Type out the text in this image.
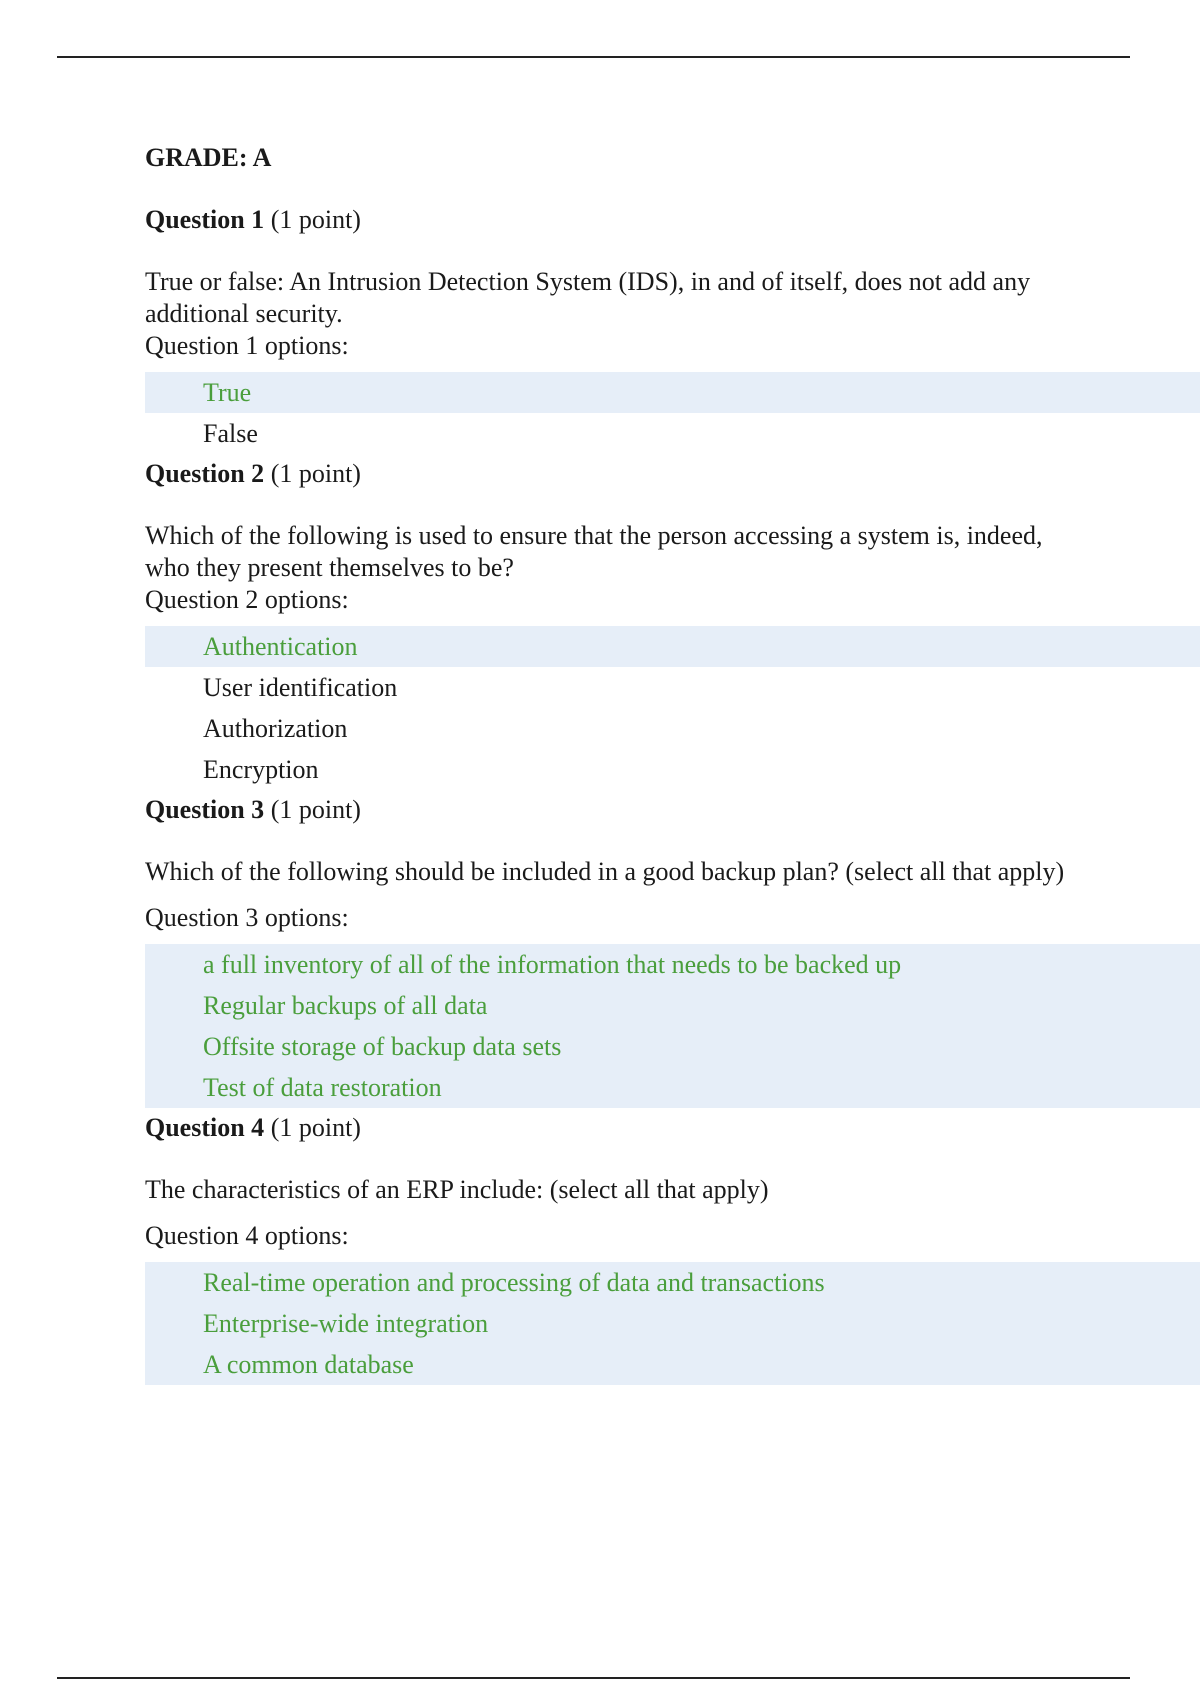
GRADE: A
Question 1 (1 point)
True or false: An Intrusion Detection System (IDS), in and of itself, does not add any additional security.
Question 1 options:
True
False
Question 2 (1 point)
Which of the following is used to ensure that the person accessing a system is, indeed, who they present themselves to be?
Question 2 options:
Authentication
User identification
Authorization
Encryption
Question 3 (1 point)
Which of the following should be included in a good backup plan? (select all that apply)
Question 3 options:
a full inventory of all of the information that needs to be backed up
Regular backups of all data
Offsite storage of backup data sets
Test of data restoration
Question 4 (1 point)
The characteristics of an ERP include: (select all that apply)
Question 4 options:
Real-time operation and processing of data and transactions
Enterprise-wide integration
A common database
